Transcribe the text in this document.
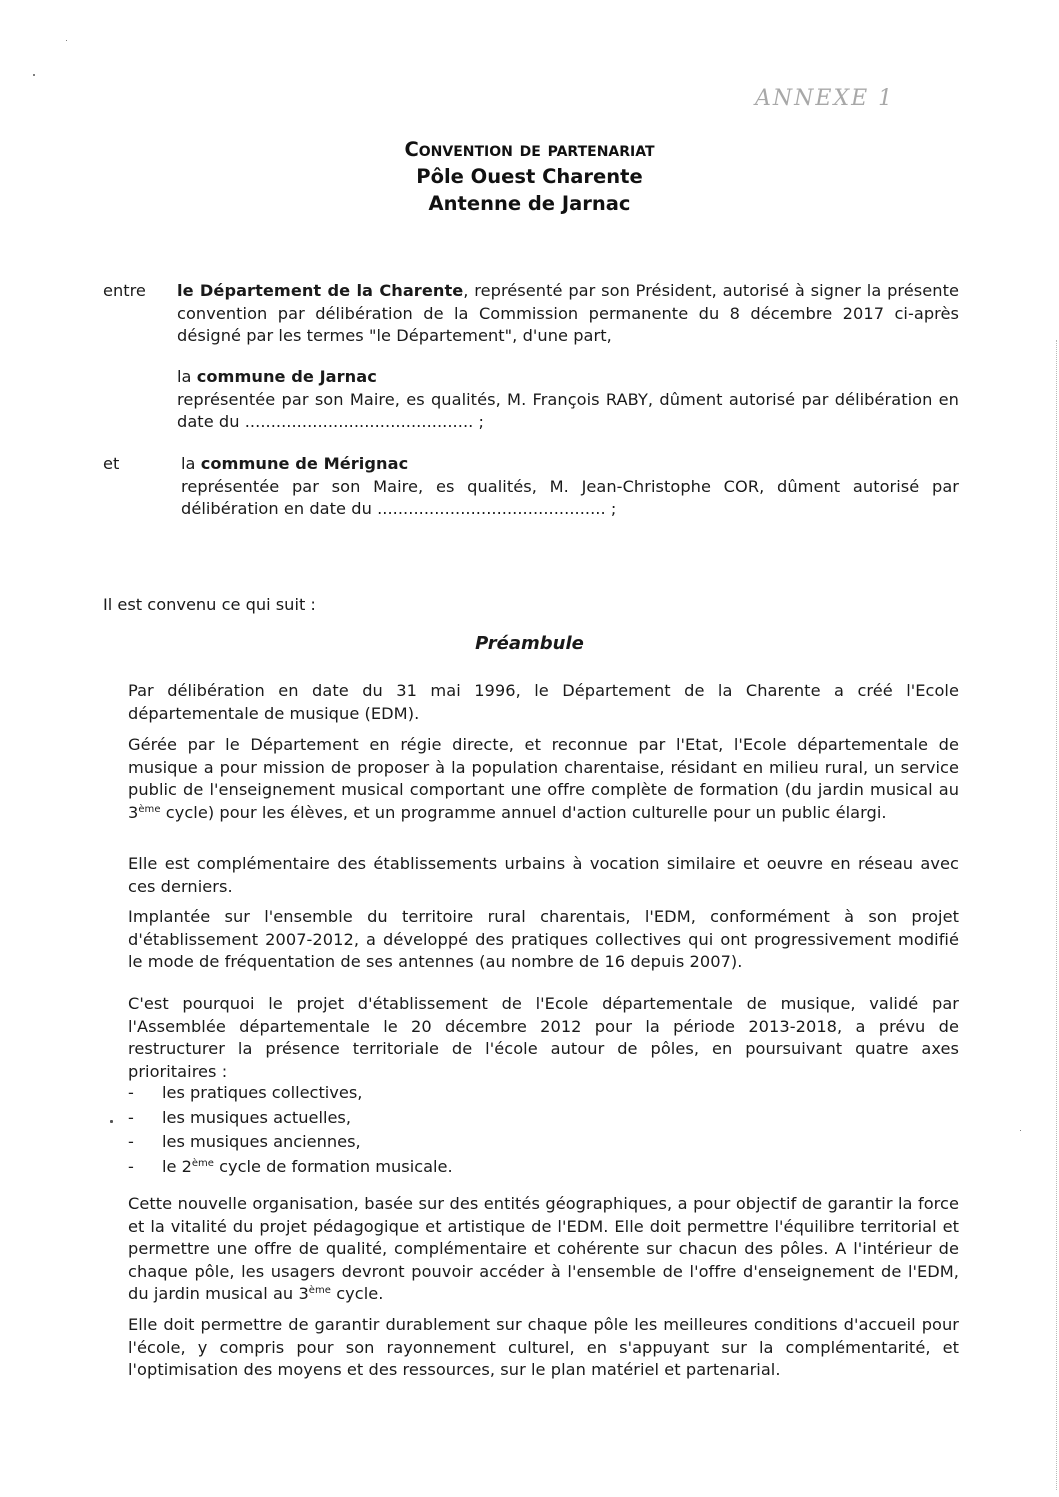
ANNEXE 1
Convention de partenariat
Pôle Ouest Charente
Antenne de Jarnac
entre le Département de la Charente, représenté par son Président, autorisé à signer la présente convention par délibération de la Commission permanente du 8 décembre 2017 ci-après désigné par les termes "le Département", d'une part,
la commune de Jarnac
représentée par son Maire, es qualités, M. François RABY, dûment autorisé par délibération en date du ............................................ ;
et	la commune de Mérignac
représentée par son Maire, es qualités, M. Jean-Christophe COR, dûment autorisé par délibération en date du ............................................ ;
Il est convenu ce qui suit :
Préambule
Par délibération en date du 31 mai 1996, le Département de la Charente a créé l'Ecole départementale de musique (EDM).
Gérée par le Département en régie directe, et reconnue par l'Etat, l'Ecole départementale de musique a pour mission de proposer à la population charentaise, résidant en milieu rural, un service public de l'enseignement musical comportant une offre complète de formation (du jardin musical au 3ème cycle) pour les élèves, et un programme annuel d'action culturelle pour un public élargi.
Elle est complémentaire des établissements urbains à vocation similaire et oeuvre en réseau avec ces derniers.
Implantée sur l'ensemble du territoire rural charentais, l'EDM, conformément à son projet d'établissement 2007-2012, a développé des pratiques collectives qui ont progressivement modifié le mode de fréquentation de ses antennes (au nombre de 16 depuis 2007).
C'est pourquoi le projet d'établissement de l'Ecole départementale de musique, validé par l'Assemblée départementale le 20 décembre 2012 pour la période 2013-2018, a prévu de restructurer la présence territoriale de l'école autour de pôles, en poursuivant quatre axes prioritaires :
- les pratiques collectives,
- les musiques actuelles,
- les musiques anciennes,
- le 2ème cycle de formation musicale.
Cette nouvelle organisation, basée sur des entités géographiques, a pour objectif de garantir la force et la vitalité du projet pédagogique et artistique de l'EDM. Elle doit permettre l'équilibre territorial et permettre une offre de qualité, complémentaire et cohérente sur chacun des pôles. A l'intérieur de chaque pôle, les usagers devront pouvoir accéder à l'ensemble de l'offre d'enseignement de l'EDM, du jardin musical au 3ème cycle.
Elle doit permettre de garantir durablement sur chaque pôle les meilleures conditions d'accueil pour l'école, y compris pour son rayonnement culturel, en s'appuyant sur la complémentarité, et l'optimisation des moyens et des ressources, sur le plan matériel et partenarial.
